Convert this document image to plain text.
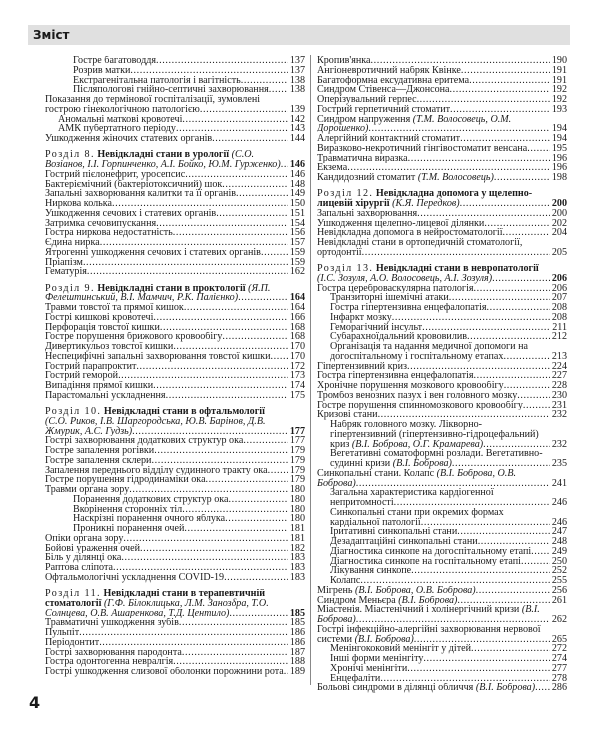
Зміст
Гостре багатоводдя	137
Розрив матки	137
Екстрагенітальна патологія і вагітність	138
Післяпологові гнійно-септичні захворювання 138
Показання до термінової госпіталізації, зумовлені гострою гінекологічною патологією	139
Аномальні маткові кровотечі	142
АМК пубертатного періоду	143
Ушкодження жіночих статевих органів	144
Розділ 8. Невідкладні стани в урології (С.О. Возіанов, І.І. Горпинченко, А.І. Бойко, Ю.М. Гурженко) 146
Гострий пієлонефрит, уросепсис	146
Бактеріємічний (бактеріотоксичний) шок	148
Запальні захворювання калитки та її органів	149
Ниркова колька	150
Ушкодження сечових і статевих органів	151
Затримка сечовипускання	154
Гостра ниркова недостатність	156
Єдина нирка	157
Ятрогенні ушкодження сечових і статевих органів	159
Пріапізм	159
Гематурія	162
Розділ 9. Невідкладні стани в проктології (Я.П. Фелештинський, В.І. Мамчич, Р.К. Палієнко)	164
Травми товстої та прямої кишок	164
Гострі кишкові кровотечі	166
Перфорація товстої кишки	168
Гостре порушення брижового кровообігу	168
Дивертикульоз товстої кишки	170
Неспецифічні запальні захворювання товстої кишки 170
Гострий парапроктит	172
Гострий геморой	173
Випадіння прямої кишки	174
Парастомальні ускладнення	175
Розділ 10. Невідкладні стани в офтальмології (С.О. Риков, І.В. Шаргородська, Ю.В. Барінов, Д.В. Жмурик, А.С. Гудзь)	177
Гострі захворювання додаткових структур ока	177
Гостре запалення рогівки	179
Гостре запалення склери	179
Запалення переднього відділу судинного тракту ока 179
Гостре порушення гідродинаміки ока	179
Травми органа зору	180
Поранення додаткових структур ока	180
Вкорінення сторонніх тіл	180
Наскрізні поранення очного яблука	180
Проникні поранення очей	181
Опіки органа зору	181
Бойові ураження очей	182
Біль у ділянці ока	183
Раптова сліпота	183
Офтальмологічні ускладнення COVID-19	183
Розділ 11. Невідкладні стани в терапевтичній стоматології (Г.Ф. Білоклицька, Л.М. Занозδра, Т.О. Солнцева, О.В. Ашаренкова, Т.Д. Центило)	185
Травматичні ушкодження зубів	185
Пульпіт	186
Періодонтит	186
Гострі захворювання пародонта	187
Гостра одонтогенна невралгія	188
Гострі ушкодження слизової оболонки порожнини рота 189
Кропив'янка	190
Ангіоневротичний набряк Квінке	191
Багатоформна ексудативна еритема	191
Синдром Стівенса—Джонсона	192
Оперізувальний герпес	192
Гострий герпетичний стоматит	193
Синдром напруження (Т.М. Волосовець, О.М. Дорошенко)	194
Алергійний контактний стоматит	194
Виразково-некротичний гінгівостоматит венсана 195
Травматична виразка	196
Екзема	196
Кандидозний стоматит (Т.М. Волосовець)	198
Розділ 12. Невідкладна допомога у щелепно-лицевій хірургії (К.Я. Передков)	200
Запальні захворювання	200
Ушкодження щелепно-лицевої ділянки	202
Невідкладна допомога в нейростоматології	204
Невідкладні стани в ортопедичній стоматології, ортодонтії	205
Розділ 13. Невідкладні стани в невропатології (І.С. Зозуля, А.О. Волосовець, А.І. Зозуля)	206
Гостра цереброваскулярна патологія	206
Транзиторні ішемічні атаки	207
Гостра гіпертензивна енцефалопатія	208
Інфаркт мозку	208
Геморагічний інсульт	211
Субарахноїдальний крововилив	212
Організація та надання медичної допомоги на догоспітальному і госпітальному етапах	213
Гіпертензивний криз	224
Гостра гіпертензивна енцефалопатія	227
Хронічне порушення мозкового кровообігу	228
Тромбоз венозних пазух і вен головного мозку	230
Гостре порушення спинномозкового кровообігу	231
Кризові стани	232
Набряк головного мозку. Лікворно-гіпертензивний (гіпертензивно-гідроцефальний) криз (В.І. Боброва, О.Г. Крамарева)	232
Вегетативні соматоформні розлади. Вегетативно-судинні кризи (В.І. Боброва)	235
Синкопальні стани. Колапс (В.І. Боброва, О.В. Боброва)	241
Загальна характеристика кардіогенної непритомності	246
Синкопальні стани при окремих формах кардіальної патології	246
Іритативні синкопальні стани	247
Дезадаптаційні синкопальні стани	248
Діагностика синкопе на догоспітальному етапі 249
Діагностика синкопе на госпітальному етапі	250
Лікування синкопе	252
Колапс	255
Мігрень (В.І. Боброва, О.В. Боброва)	256
Синдром Меньєра (В.І. Боброва)	261
Міастенія. Міастенічний і холінергічний кризи (В.І. Боброва)	262
Гострі інфекційно-алергійні захворювання нервової системи (В.І. Боброва)	265
Менінгококовий менінгіт у дітей	272
Інші форми менінгіту	274
Хронічі менінгіти	277
Енцефаліти	278
Больові синдроми в ділянці обличчя (В.І. Боброва) 286
4
